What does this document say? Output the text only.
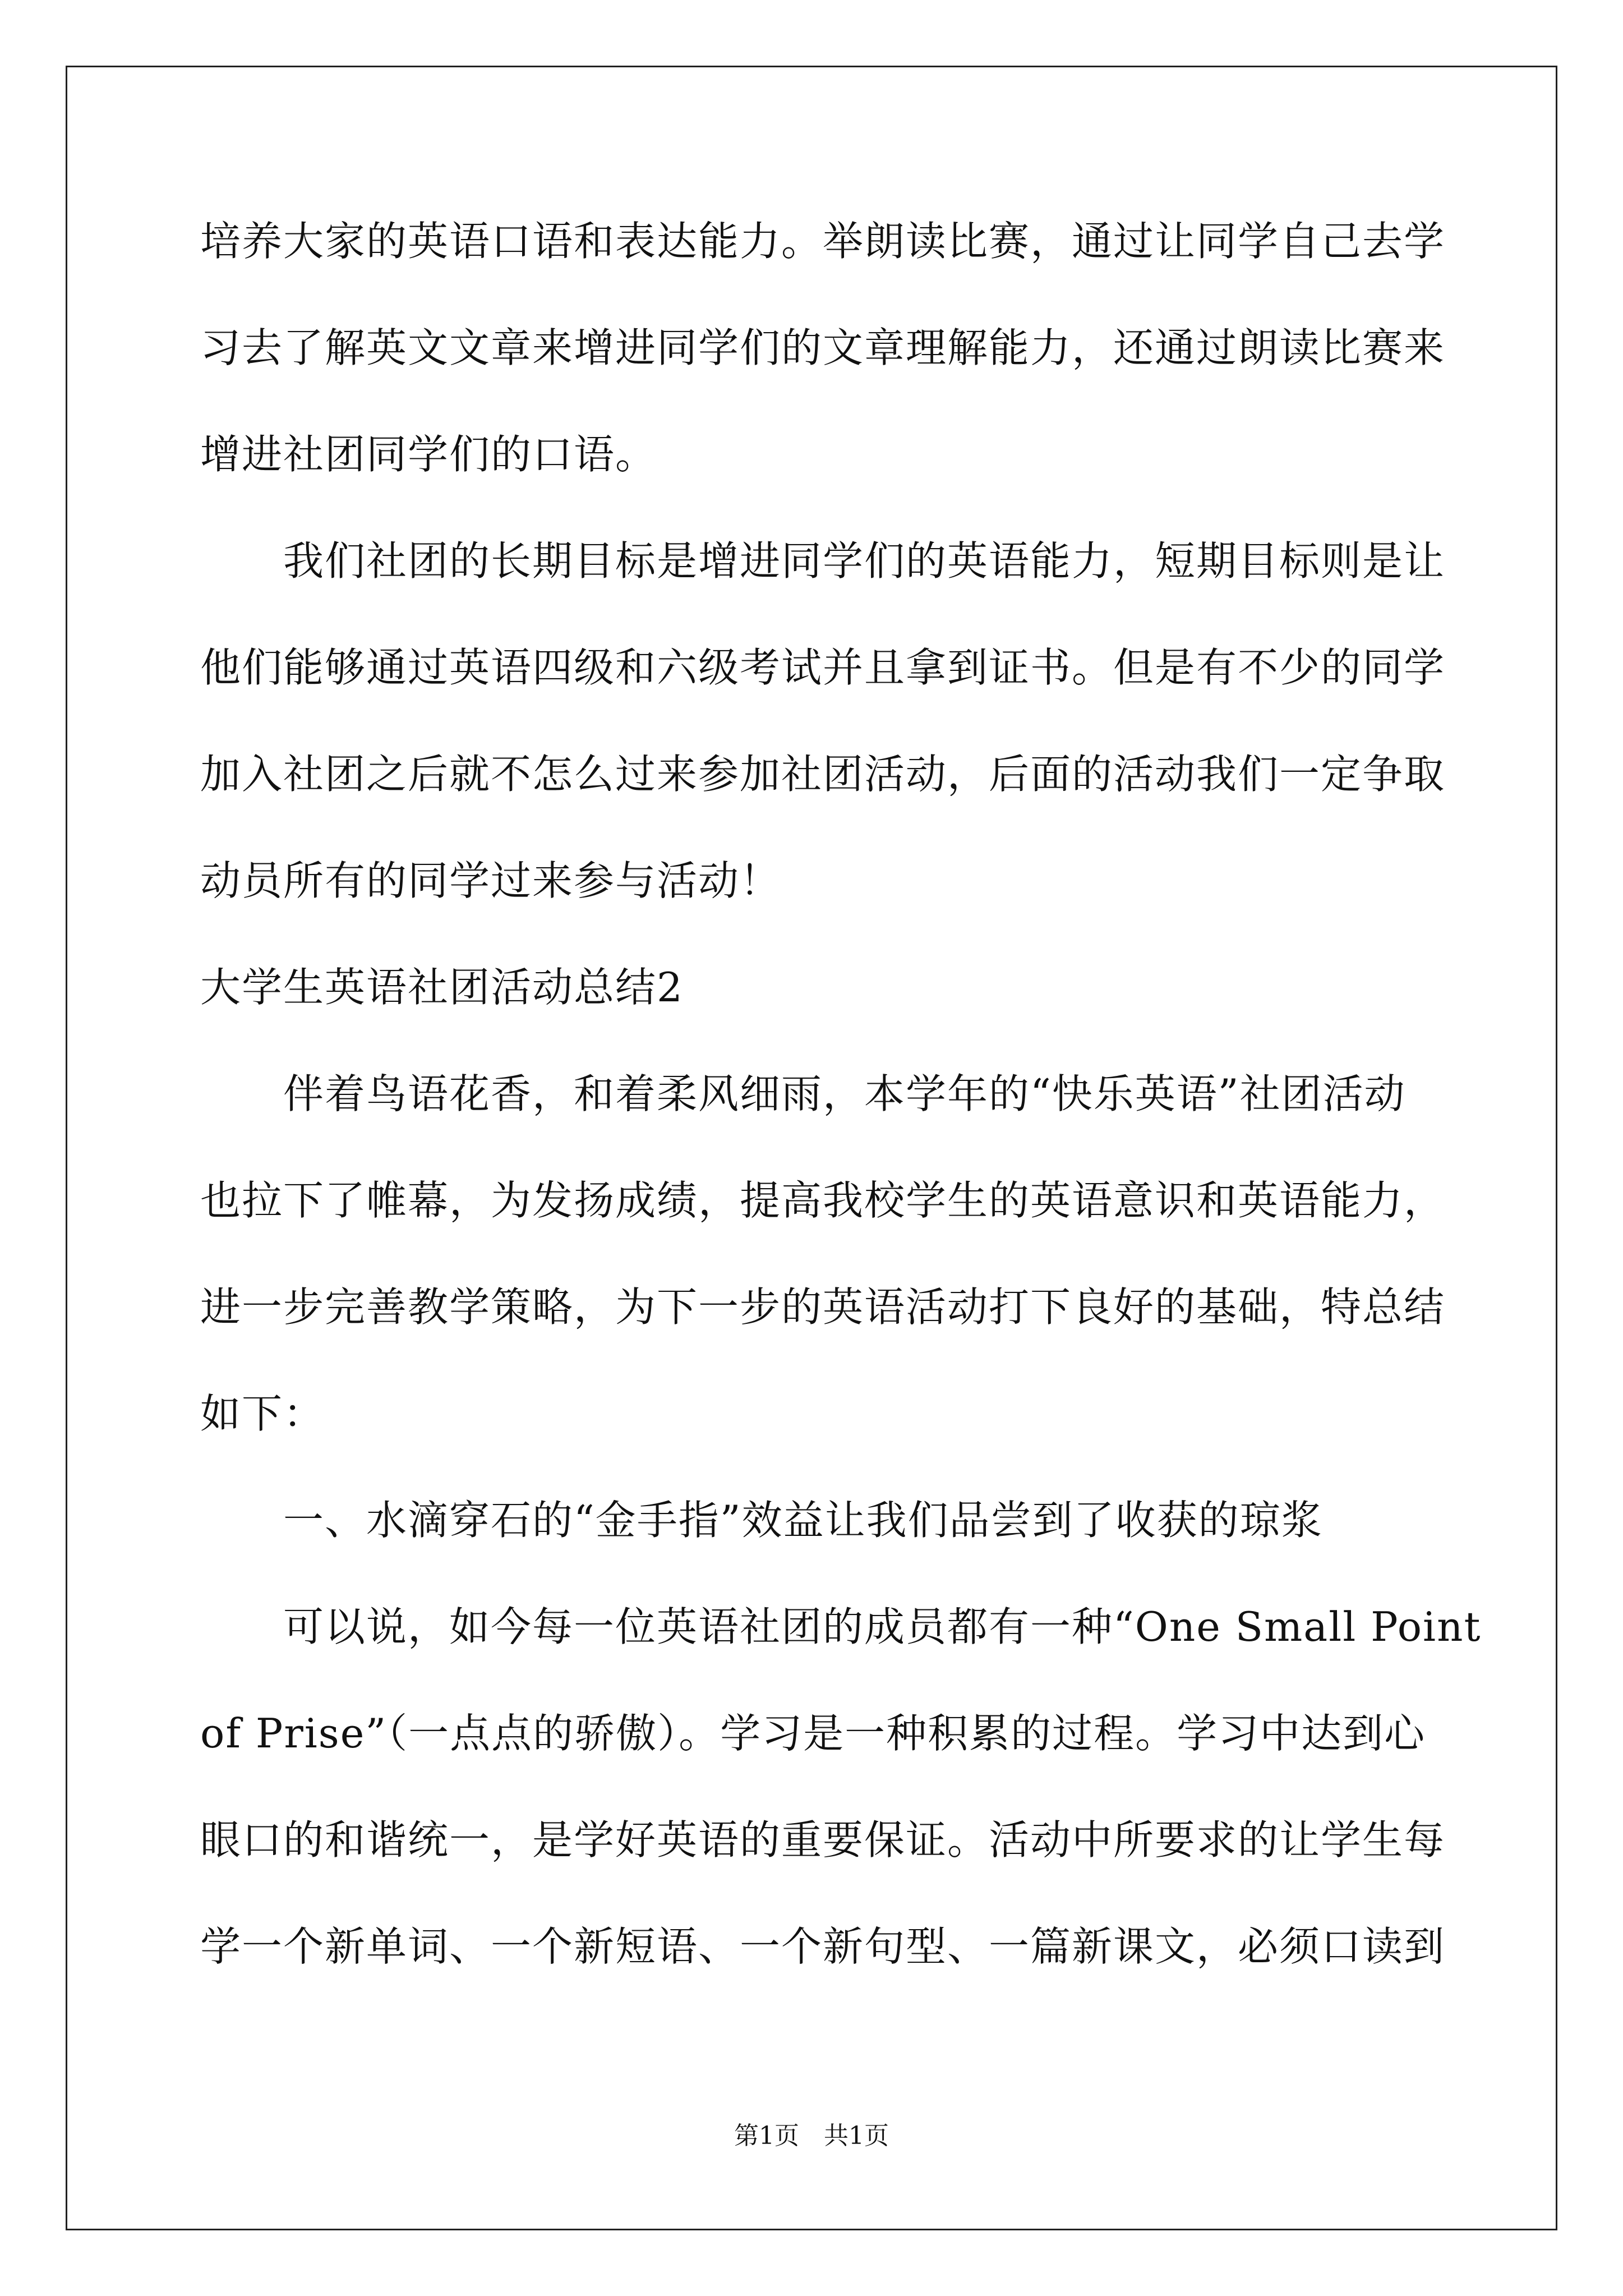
培养大家的英语口语和表达能力。举朗读比赛，通过让同学自己去学
习去了解英文文章来增进同学们的文章理解能力，还通过朗读比赛来
增进社团同学们的口语。
　　我们社团的长期目标是增进同学们的英语能力，短期目标则是让
他们能够通过英语四级和六级考试并且拿到证书。但是有不少的同学
加入社团之后就不怎么过来参加社团活动，后面的活动我们一定争取
动员所有的同学过来参与活动！
大学生英语社团活动总结2
　　伴着鸟语花香，和着柔风细雨，本学年的“快乐英语”社团活动
也拉下了帷幕，为发扬成绩，提高我校学生的英语意识和英语能力，
进一步完善教学策略，为下一步的英语活动打下良好的基础，特总结
如下：
　　一、水滴穿石的“金手指”效益让我们品尝到了收获的琼浆
　　可以说，如今每一位英语社团的成员都有一种“One Small Point
of Prise”（一点点的骄傲）。学习是一种积累的过程。学习中达到心
眼口的和谐统一，是学好英语的重要保证。活动中所要求的让学生每
学一个新单词、一个新短语、一个新句型、一篇新课文，必须口读到
第1页　共1页
